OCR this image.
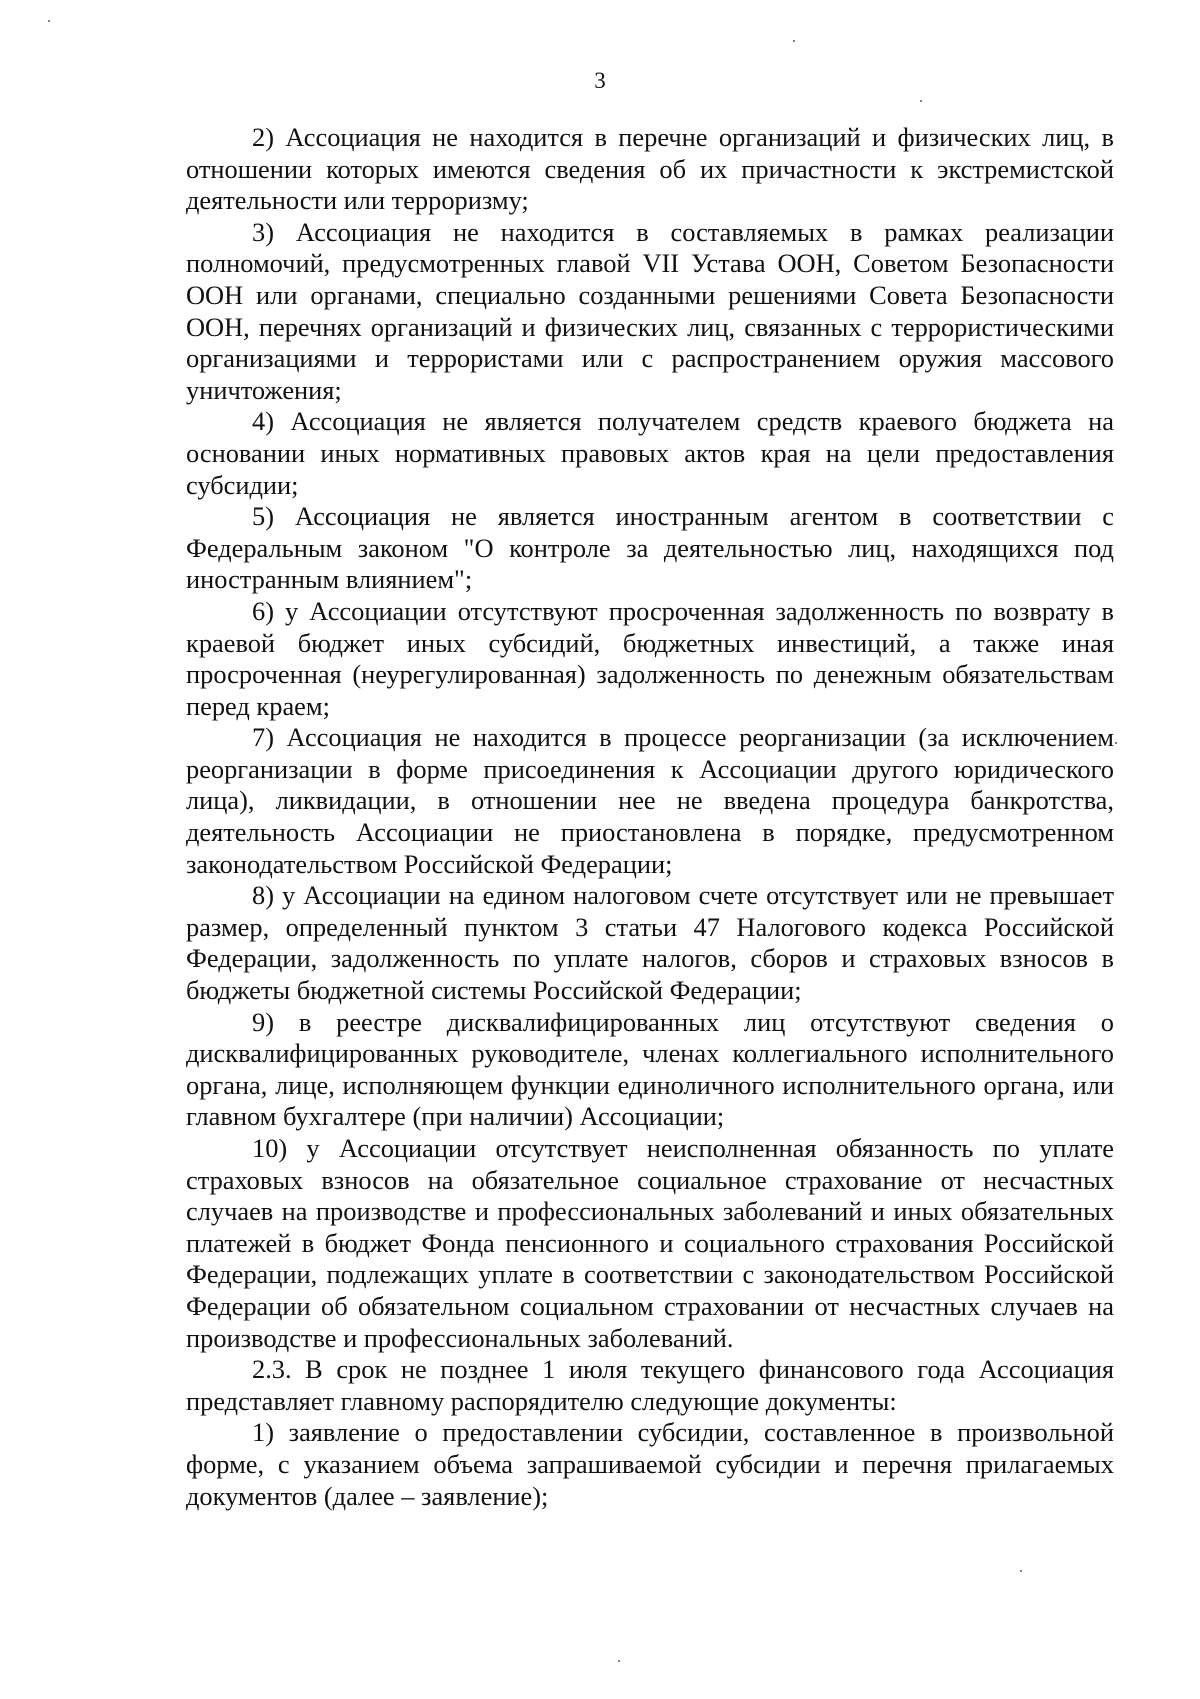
3

2) Ассоциация не находится в перечне организаций и физических лиц, в отношении которых имеются сведения об их причастности к экстремистской деятельности или терроризму;

3) Ассоциация не находится в составляемых в рамках реализации полномочий, предусмотренных главой VII Устава ООН, Советом Безопасности ООН или органами, специально созданными решениями Совета Безопасности ООН, перечнях организаций и физических лиц, связанных с террористическими организациями и террористами или с распространением оружия массового уничтожения;

4) Ассоциация не является получателем средств краевого бюджета на основании иных нормативных правовых актов края на цели предоставления субсидии;

5) Ассоциация не является иностранным агентом в соответствии с Федеральным законом "О контроле за деятельностью лиц, находящихся под иностранным влиянием";

6) у Ассоциации отсутствуют просроченная задолженность по возврату в краевой бюджет иных субсидий, бюджетных инвестиций, а также иная просроченная (неурегулированная) задолженность по денежным обязательствам перед краем;

7) Ассоциация не находится в процессе реорганизации (за исключением реорганизации в форме присоединения к Ассоциации другого юридического лица), ликвидации, в отношении нее не введена процедура банкротства, деятельность Ассоциации не приостановлена в порядке, предусмотренном законодательством Российской Федерации;

8) у Ассоциации на едином налоговом счете отсутствует или не превышает размер, определенный пунктом 3 статьи 47 Налогового кодекса Российской Федерации, задолженность по уплате налогов, сборов и страховых взносов в бюджеты бюджетной системы Российской Федерации;

9) в реестре дисквалифицированных лиц отсутствуют сведения о дисквалифицированных руководителе, членах коллегиального исполнительного органа, лице, исполняющем функции единоличного исполнительного органа, или главном бухгалтере (при наличии) Ассоциации;

10) у Ассоциации отсутствует неисполненная обязанность по уплате страховых взносов на обязательное социальное страхование от несчастных случаев на производстве и профессиональных заболеваний и иных обязательных платежей в бюджет Фонда пенсионного и социального страхования Российской Федерации, подлежащих уплате в соответствии с законодательством Российской Федерации об обязательном социальном страховании от несчастных случаев на производстве и профессиональных заболеваний.

2.3. В срок не позднее 1 июля текущего финансового года Ассоциация представляет главному распорядителю следующие документы:

1) заявление о предоставлении субсидии, составленное в произвольной форме, с указанием объема запрашиваемой субсидии и перечня прилагаемых документов (далее – заявление);
